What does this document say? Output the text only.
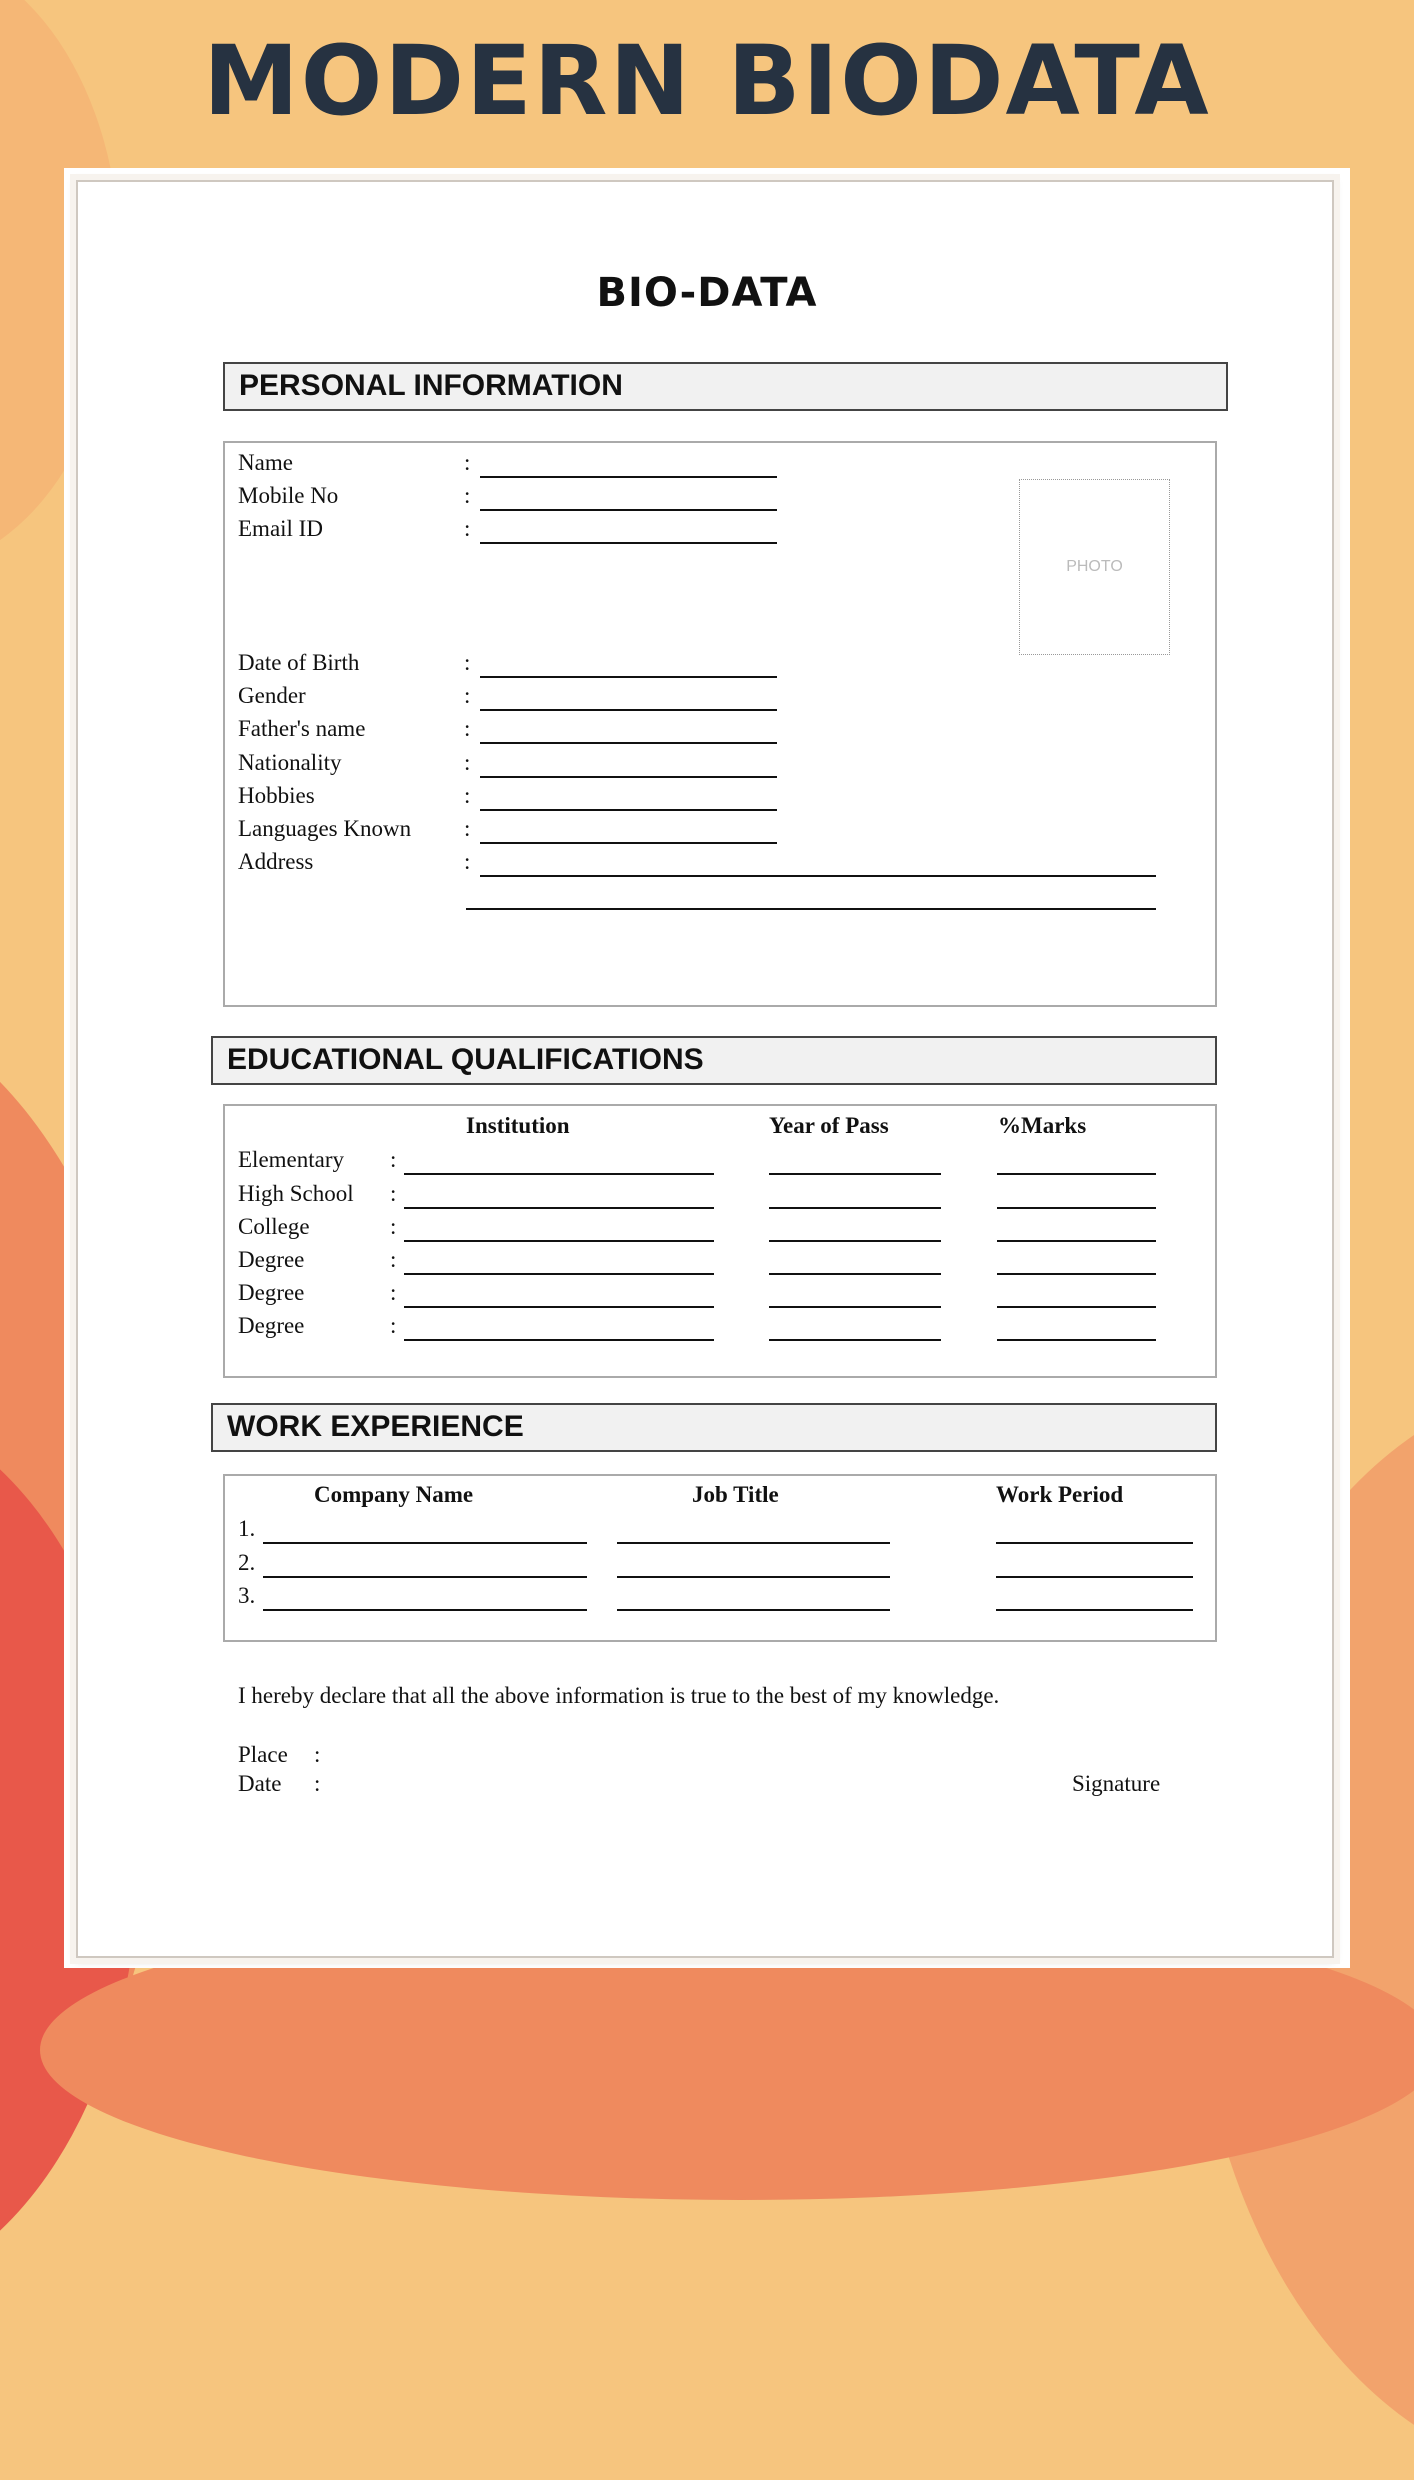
MODERN BIODATA
BIO-DATA
PERSONAL INFORMATION
PHOTO
Name	:
Mobile No	:
Email ID	:
Date of Birth	:
Gender	:
Father's name	:
Nationality	:
Hobbies	:
Languages Known :
Address	:
EDUCATIONAL QUALIFICATIONS
Institution	Year of Pass	%Marks
Elementary :
High School :
College	:
Degree	:
Degree	:
Degree	:
WORK EXPERIENCE
Company Name	Job Title	Work Period
1.
2.
3.
I hereby declare that all the above information is true to the best of my knowledge.
Place :
Date :	Signature
